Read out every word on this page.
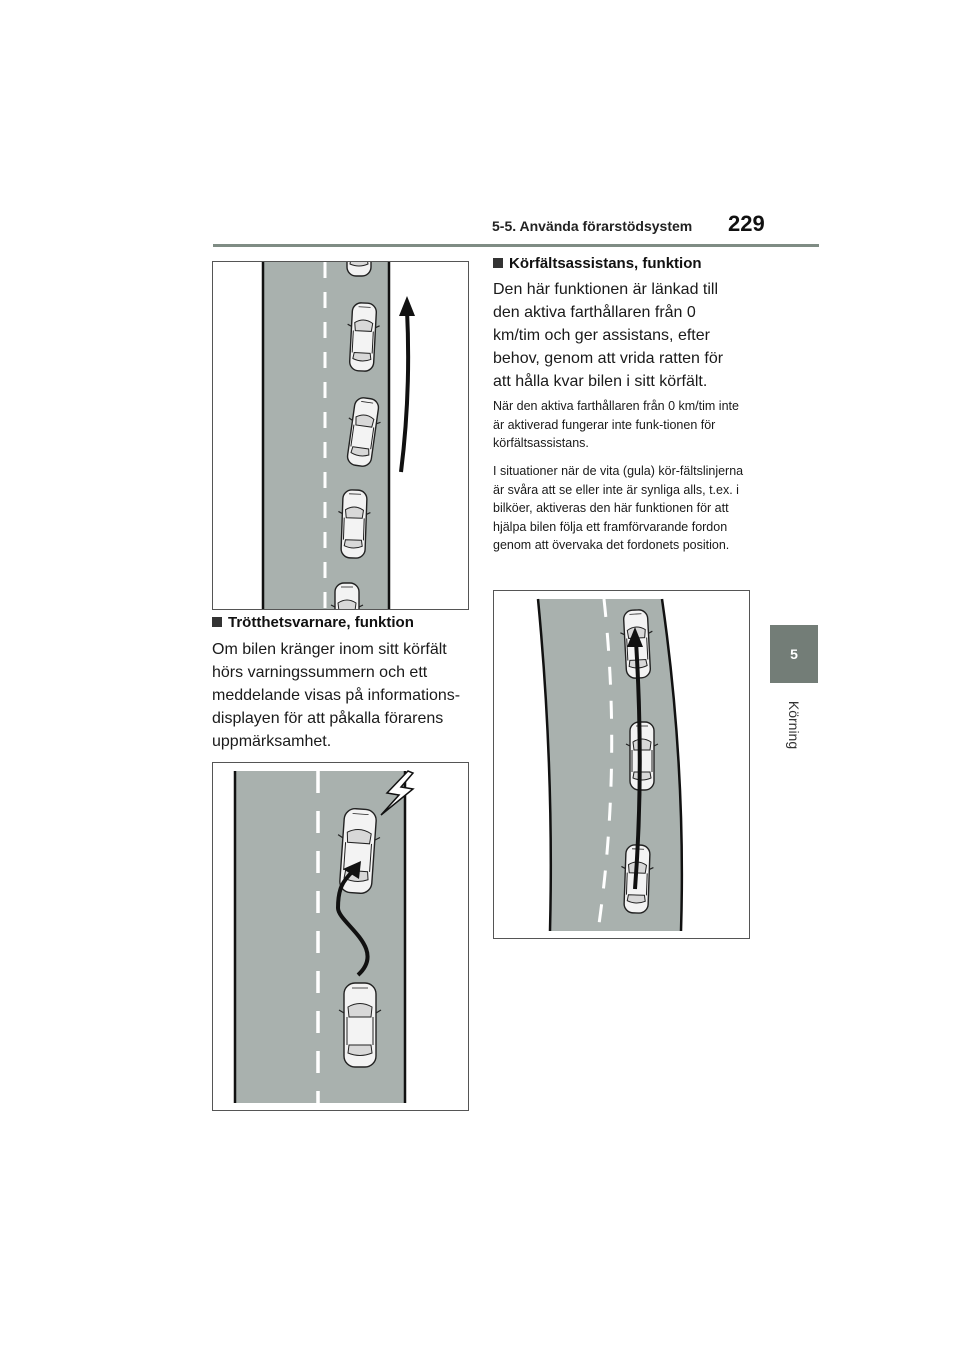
5-5. Använda förarstödsystem 229
5
Körning
Trötthetsvarnare, funktion

Om bilen kränger inom sitt körfält hörs varningssummern och ett meddelande visas på informations-displayen för att påkalla förarens uppmärksamhet.

Körfältsassistans, funktion

Den här funktionen är länkad till den aktiva farthållaren från 0 km/tim och ger assistans, efter behov, genom att vrida ratten för att hålla kvar bilen i sitt körfält.

När den aktiva farthållaren från 0 km/tim inte är aktiverad fungerar inte funk-tionen för körfältsassistans.

I situationer när de vita (gula) kör-fältslinjerna är svåra att se eller inte är synliga alls, t.ex. i bilköer, aktiveras den här funktionen för att hjälpa bilen följa ett framförvarande fordon genom att övervaka det fordonets position.
